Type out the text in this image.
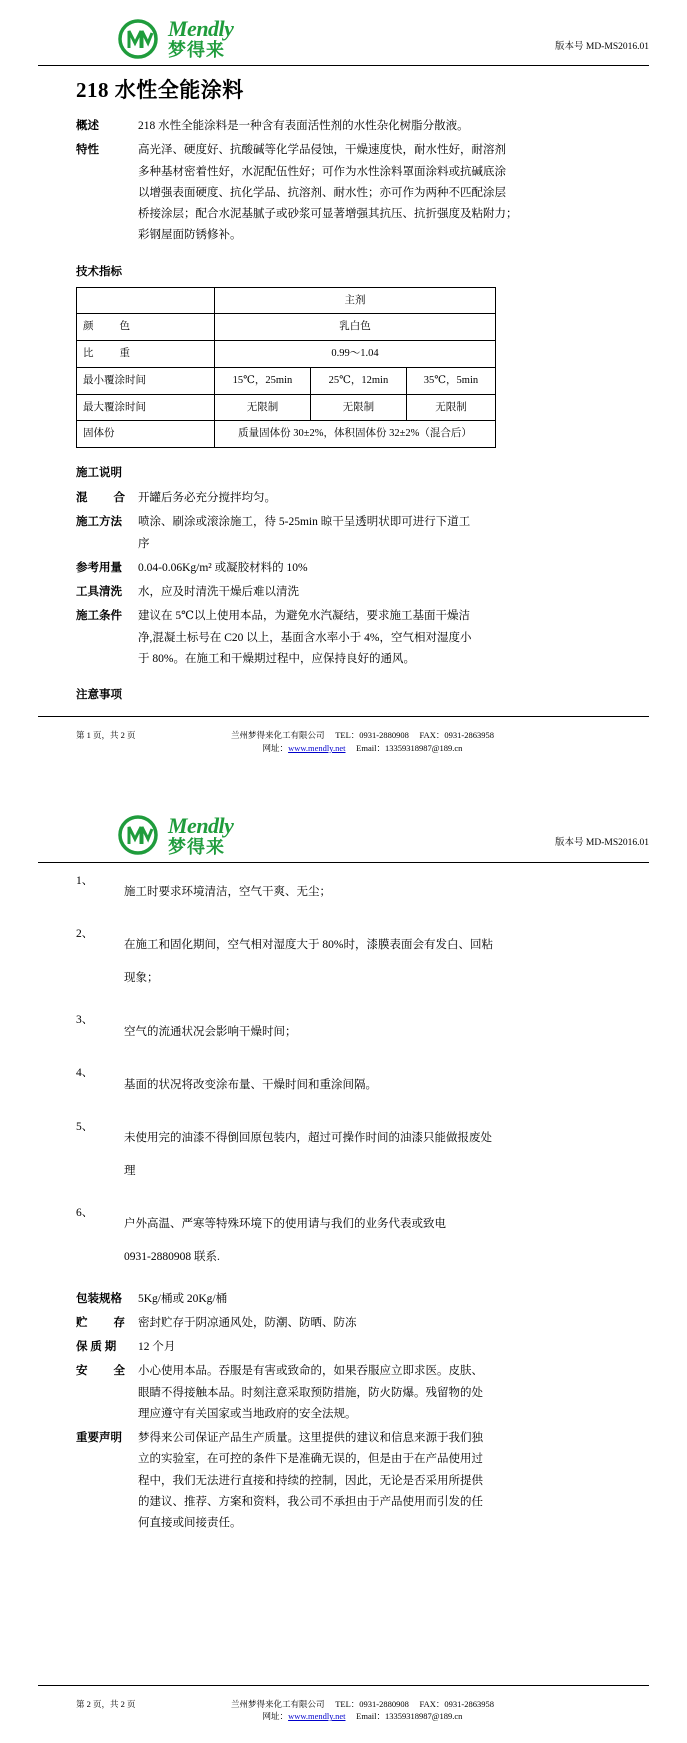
Mendly
梦得来	版本号 MD-MS2016.01
218 水性全能涂料
概述	218 水性全能涂料是一种含有表面活性剂的水性杂化树脂分散液。
特性	高光泽、硬度好、抗酸碱等化学品侵蚀，干燥速度快，耐水性好，耐溶剂

多种基材密着性好，水泥配伍性好；可作为水性涂料罩面涂料或抗碱底涂

以增强表面硬度、抗化学品、抗溶剂、耐水性；亦可作为两种不匹配涂层

桥接涂层；配合水泥基腻子或砂浆可显著增强其抗压、抗折强度及粘附力；

彩钢屋面防锈修补。

技术指标
	主剂		

颜 色	乳白色		

比 重	0.99～1.04		
最小覆涂时间	15℃，25min	25℃，12min	35℃，5min
最大覆涂时间	无限制	无限制	无限制
固体份	质量固体份 30±2%，体积固体份 32±2%（混合后）		
施工说明
混 合 开罐后务必充分搅拌均匀。

施工方法	喷涂、刷涂或滚涂施工，待 5-25min 晾干呈透明状即可进行下道工

序

参考用量	0.04-0.06Kg/m² 或凝胶材料的 10%

工具清洗	水，应及时清洗干燥后难以清洗

施工条件	建议在 5℃以上使用本品，为避免水汽凝结，要求施工基面干燥洁

净,混凝土标号在 C20 以上，基面含水率小于 4%，空气相对湿度小

于 80%。在施工和干燥期过程中，应保持良好的通风。

注意事项
第 1 页，共 2 页	兰州梦得来化工有限公司 TEL：0931-2880908 FAX：0931-2863958
网址：www.mendly.net Email：13359318987@189.cn
Mendly
梦得来	版本号 MD-MS2016.01
1、

施工时要求环境清洁，空气干爽、无尘；

2、

在施工和固化期间，空气相对湿度大于 80%时，漆膜表面会有发白、回粘

现象；

3、

空气的流通状况会影响干燥时间；

4、

基面的状况将改变涂布量、干燥时间和重涂间隔。

5、

未使用完的油漆不得倒回原包装内，超过可操作时间的油漆只能做报废处

理

6、

户外高温、严寒等特殊环境下的使用请与我们的业务代表或致电

0931-2880908 联系.

包装规格	5Kg/桶或 20Kg/桶

贮 存 密封贮存于阴凉通风处，防潮、防晒、防冻

保 质 期	12 个月

安 全 小心使用本品。吞服是有害或致命的，如果吞服应立即求医。皮肤、

眼睛不得接触本品。时刻注意采取预防措施，防火防爆。残留物的处

理应遵守有关国家或当地政府的安全法规。

重要声明	梦得来公司保证产品生产质量。这里提供的建议和信息来源于我们独

立的实验室，在可控的条件下是准确无误的，但是由于在产品使用过

程中，我们无法进行直接和持续的控制，因此，无论是否采用所提供

的建议、推荐、方案和资料，我公司不承担由于产品使用而引发的任

何直接或间接责任。

第 2 页，共 2 页	兰州梦得来化工有限公司 TEL：0931-2880908 FAX：0931-2863958
网址：www.mendly.net Email：13359318987@189.cn
